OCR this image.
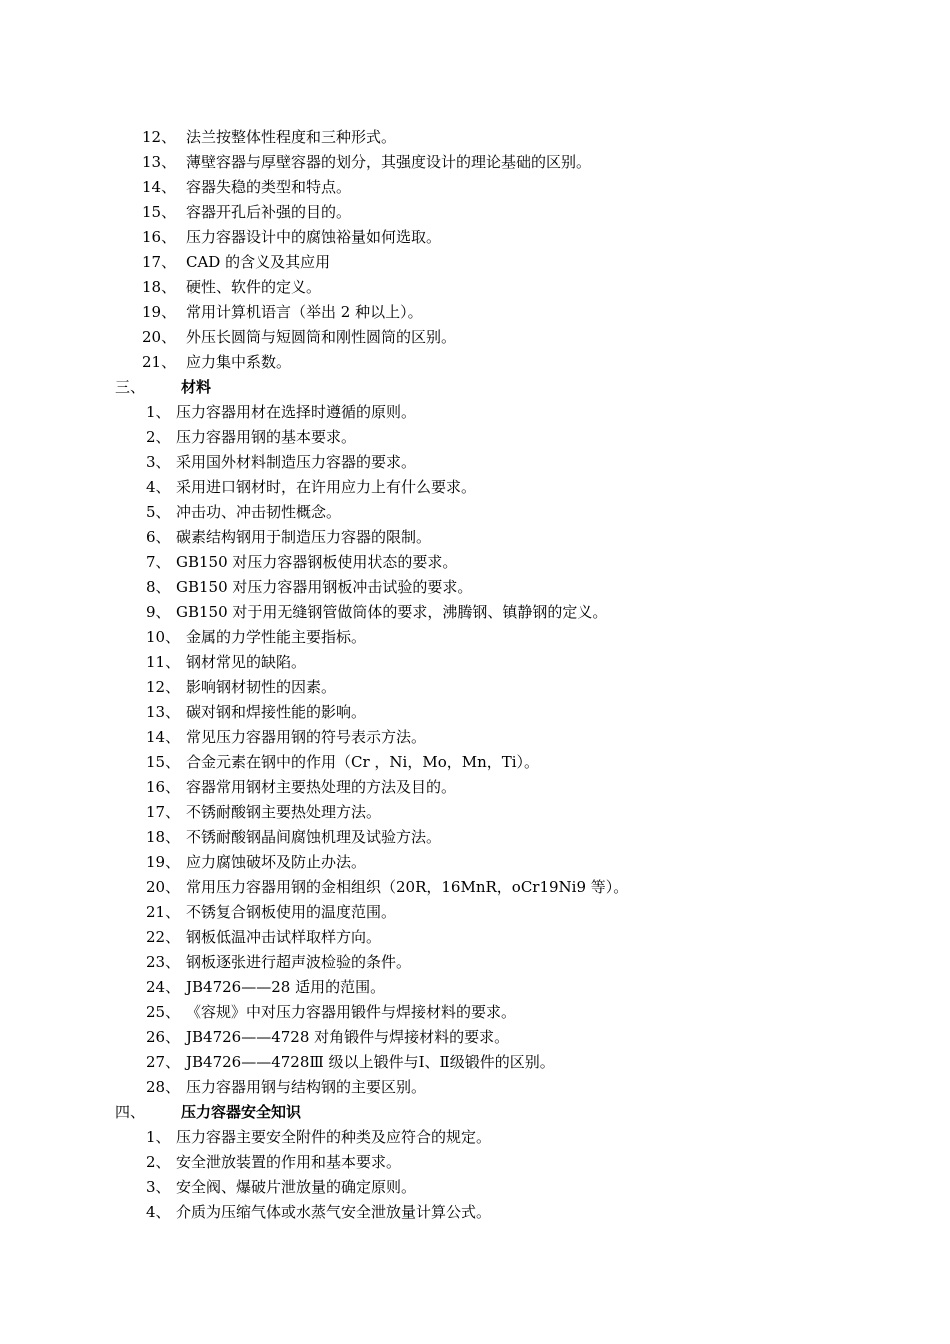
12、 法兰按整体性程度和三种形式。
13、 薄壁容器与厚壁容器的划分，其强度设计的理论基础的区别。
14、 容器失稳的类型和特点。
15、 容器开孔后补强的目的。
16、 压力容器设计中的腐蚀裕量如何选取。
17、 CAD 的含义及其应用
18、 硬性、软件的定义。
19、 常用计算机语言（举出 2 种以上）。
20、 外压长圆筒与短圆筒和刚性圆筒的区别。
21、 应力集中系数。
三、 材料
1、 压力容器用材在选择时遵循的原则。
2、 压力容器用钢的基本要求。
3、 采用国外材料制造压力容器的要求。
4、 采用进口钢材时，在许用应力上有什么要求。
5、 冲击功、冲击韧性概念。
6、 碳素结构钢用于制造压力容器的限制。
7、 GB150 对压力容器钢板使用状态的要求。
8、 GB150 对压力容器用钢板冲击试验的要求。
9、 GB150 对于用无缝钢管做筒体的要求，沸腾钢、镇静钢的定义。
10、 金属的力学性能主要指标。
11、 钢材常见的缺陷。
12、 影响钢材韧性的因素。
13、 碳对钢和焊接性能的影响。
14、 常见压力容器用钢的符号表示方法。
15、 合金元素在钢中的作用（Cr ，Ni，Mo，Mn，Ti）。
16、 容器常用钢材主要热处理的方法及目的。
17、 不锈耐酸钢主要热处理方法。
18、 不锈耐酸钢晶间腐蚀机理及试验方法。
19、 应力腐蚀破坏及防止办法。
20、 常用压力容器用钢的金相组织（20R，16MnR，oCr19Ni9 等）。
21、 不锈复合钢板使用的温度范围。
22、 钢板低温冲击试样取样方向。
23、 钢板逐张进行超声波检验的条件。
24、 JB4726——28 适用的范围。
25、 《容规》中对压力容器用锻件与焊接材料的要求。
26、 JB4726——4728 对角锻件与焊接材料的要求。
27、 JB4726——4728Ⅲ 级以上锻件与Ⅰ、Ⅱ级锻件的区别。
28、 压力容器用钢与结构钢的主要区别。
四、 压力容器安全知识
1、 压力容器主要安全附件的种类及应符合的规定。
2、 安全泄放装置的作用和基本要求。
3、 安全阀、爆破片泄放量的确定原则。
4、 介质为压缩气体或水蒸气安全泄放量计算公式。
